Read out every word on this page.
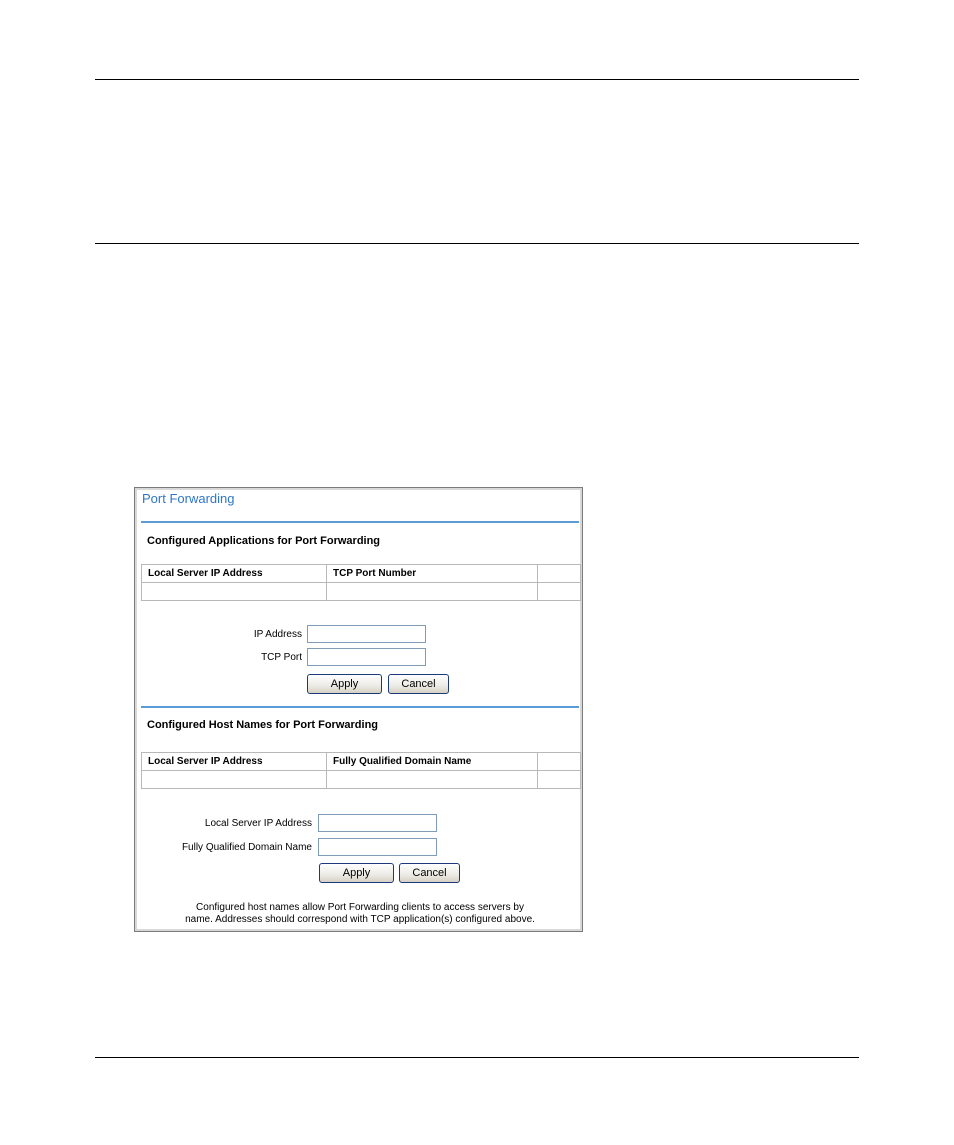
Port Forwarding
Configured Applications for Port Forwarding
Local Server IP Address	TCP Port Number	

IP Address
TCP Port
Apply	Cancel
Configured Host Names for Port Forwarding
Local Server IP Address	Fully Qualified Domain Name	

Local Server IP Address
Fully Qualified Domain Name
Apply	Cancel
Configured host names allow Port Forwarding clients to access servers by
name. Addresses should correspond with TCP application(s) configured above.
